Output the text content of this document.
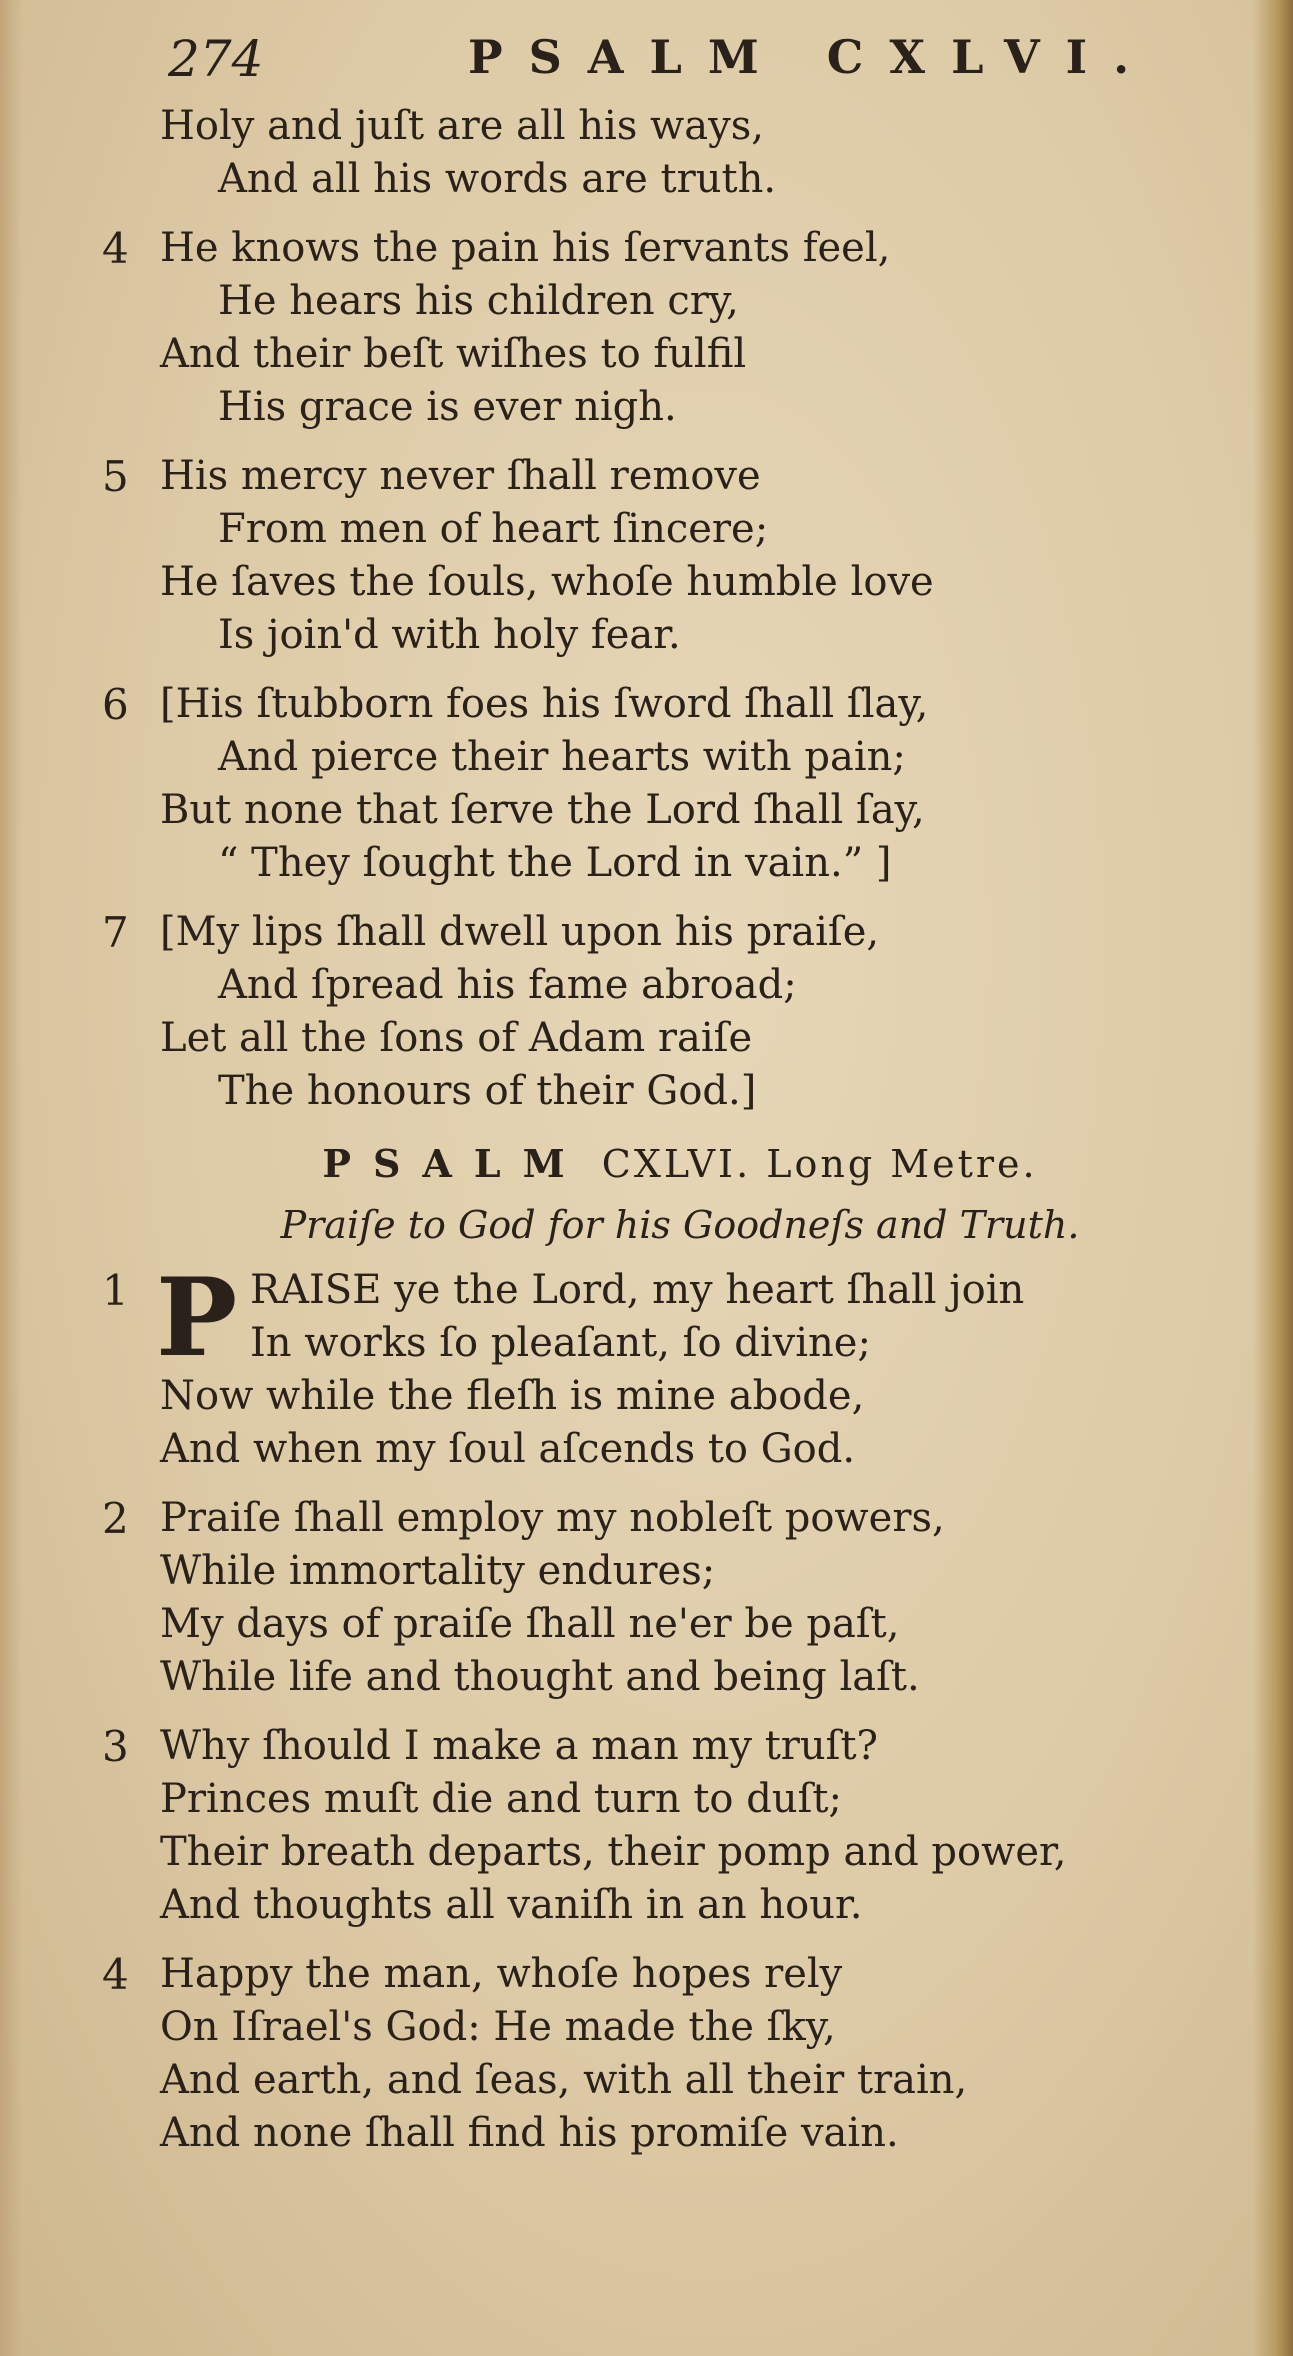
274	PSALM CXLVI.
Holy and juſt are all his ways,
And all his words are truth.
4 He knows the pain his ſervants feel,
He hears his children cry,
And their beſt wiſhes to fulfil
His grace is ever nigh.
5 His mercy never ſhall remove
From men of heart ſincere;
He ſaves the ſouls, whoſe humble love
Is join'd with holy fear.
6 [His ſtubborn foes his ſword ſhall ſlay,
And pierce their hearts with pain;
But none that ſerve the Lord ſhall ſay,
“ They ſought the Lord in vain.” ]
7 [My lips ſhall dwell upon his praiſe,
And ſpread his fame abroad;
Let all the ſons of Adam raiſe
The honours of their God.]
PSALM CXLVI. Long Metre.
Praiſe to God for his Goodneſs and Truth.
1 P RAISE ye the Lord, my heart ſhall join
In works ſo pleaſant, ſo divine;
Now while the fleſh is mine abode,
And when my ſoul aſcends to God.
2 Praiſe ſhall employ my nobleſt powers,
While immortality endures;
My days of praiſe ſhall ne'er be paſt,
While life and thought and being laſt.
3 Why ſhould I make a man my truſt?
Princes muſt die and turn to duſt;
Their breath departs, their pomp and power,
And thoughts all vaniſh in an hour.
4 Happy the man, whoſe hopes rely
On Iſrael's God: He made the ſky,
And earth, and ſeas, with all their train,
And none ſhall find his promiſe vain.
